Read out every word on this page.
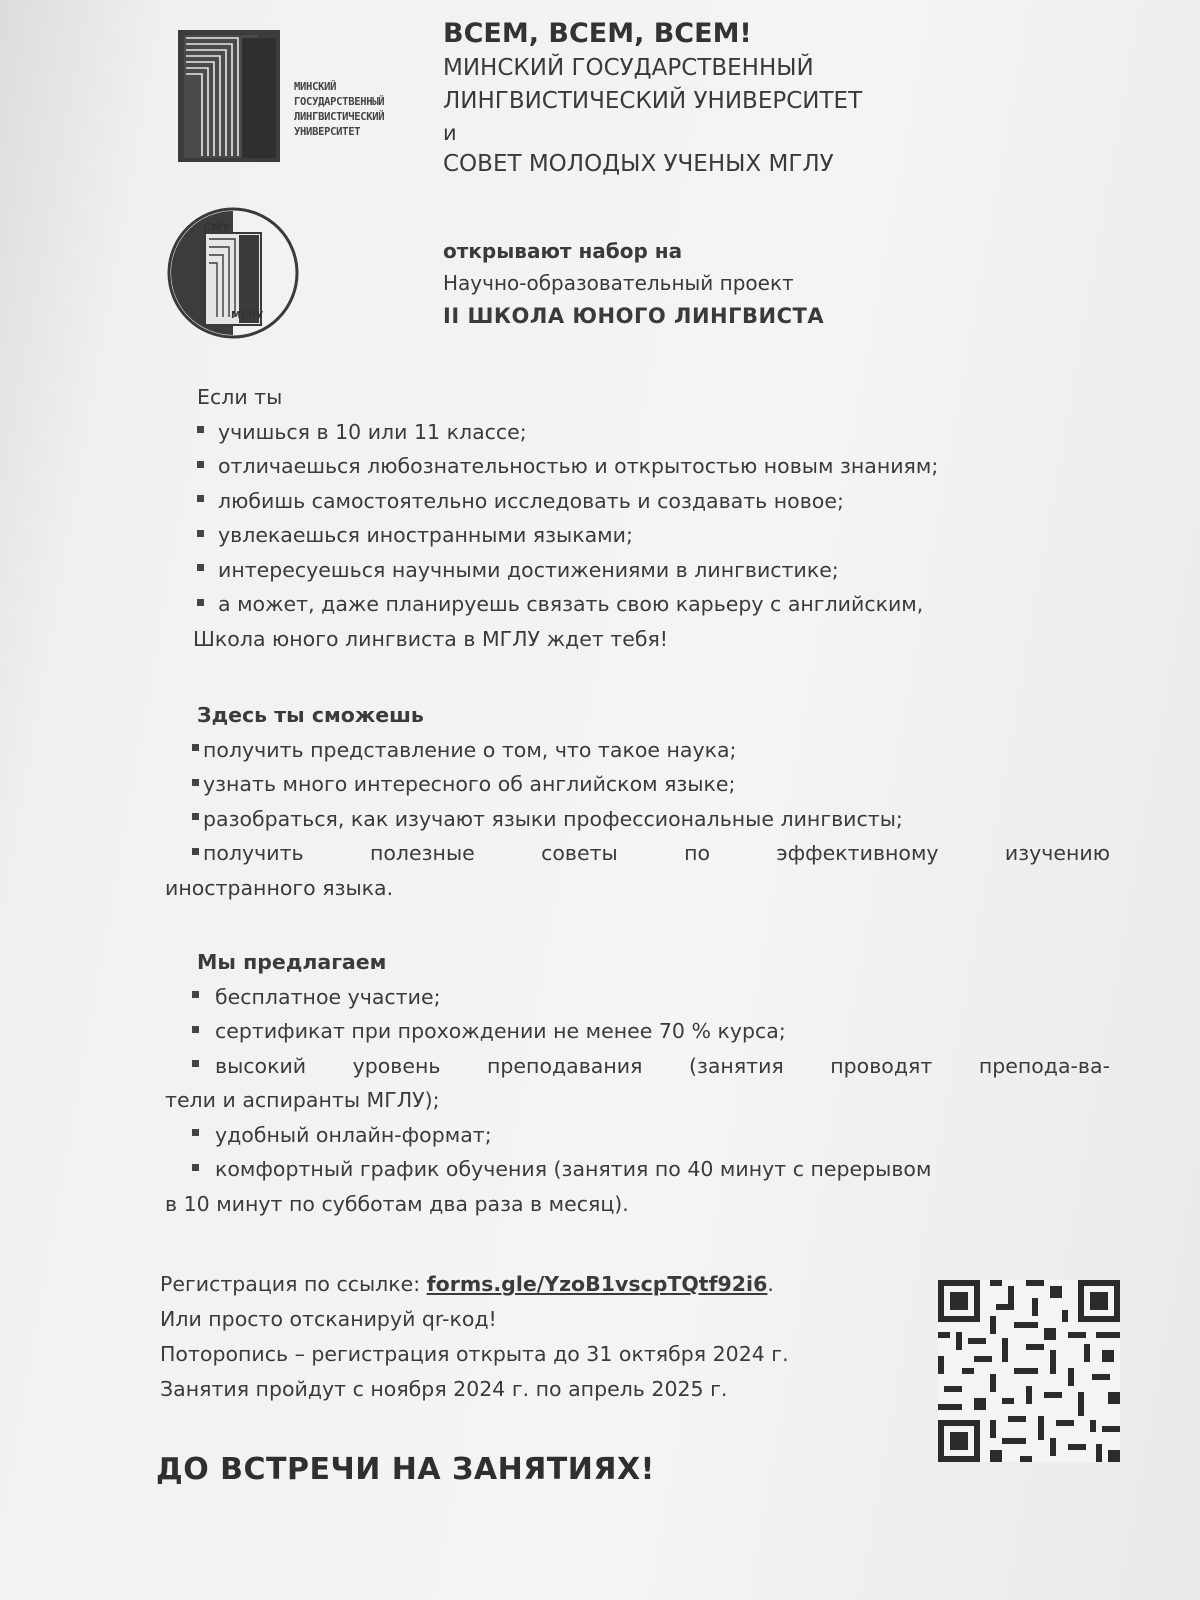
МИНСКИЙ
ГОСУДАРСТВЕННЫЙ
ЛИНГВИСТИЧЕСКИЙ
УНИВЕРСИТЕТ
СМУ
МГЛУ
ВСЕМ, ВСЕМ, ВСЕМ!
МИНСКИЙ ГОСУДАРСТВЕННЫЙ
ЛИНГВИСТИЧЕСКИЙ УНИВЕРСИТЕТ
и
СОВЕТ МОЛОДЫХ УЧЕНЫХ МГЛУ
открывают набор на
Научно-образовательный проект
II ШКОЛА ЮНОГО ЛИНГВИСТА
Если ты
учишься в 10 или 11 классе;
отличаешься любознательностью и открытостью новым знаниям;
любишь самостоятельно исследовать и создавать новое;
увлекаешься иностранными языками;
интересуешься научными достижениями в лингвистике;
а может, даже планируешь связать свою карьеру с английским,
Школа юного лингвиста в МГЛУ ждет тебя!
Здесь ты сможешь
получить представление о том, что такое наука;
узнать много интересного об английском языке;
разобраться, как изучают языки профессиональные лингвисты;
получить	полезные	советы	по	эффективному	изучению
иностранного языка.
Мы предлагаем
бесплатное участие;
сертификат при прохождении не менее 70 % курса;
высокий уровень преподавания (занятия проводят препода-ва-
тели и аспиранты МГЛУ);
удобный онлайн-формат;
комфортный график обучения (занятия по 40 минут с перерывом
в 10 минут по субботам два раза в месяц).
Регистрация по ссылке: forms.gle/YzoB1vscpTQtf92i6.
Или просто отсканируй qr-код!
Поторопись – регистрация открыта до 31 октября 2024 г.
Занятия пройдут с ноября 2024 г. по апрель 2025 г.
ДО ВСТРЕЧИ НА ЗАНЯТИЯХ!
